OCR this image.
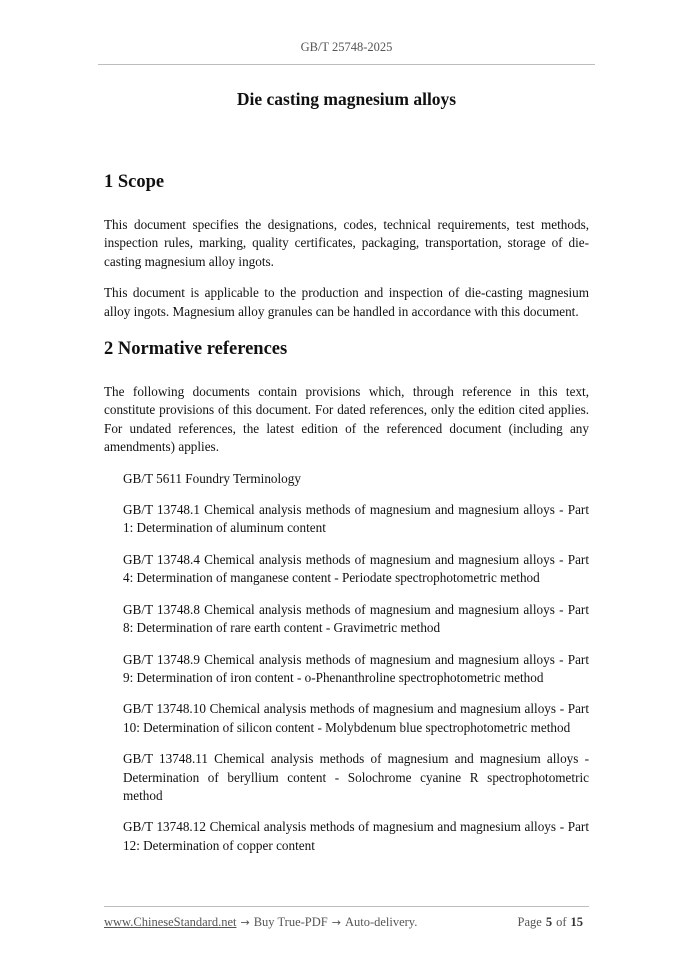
GB/T 25748-2025
Die casting magnesium alloys
1 Scope

This document specifies the designations, codes, technical requirements, test methods, inspection rules, marking, quality certificates, packaging, transportation, storage of die-casting magnesium alloy ingots.

This document is applicable to the production and inspection of die-casting magnesium alloy ingots. Magnesium alloy granules can be handled in accordance with this document.

2 Normative references

The following documents contain provisions which, through reference in this text, constitute provisions of this document. For dated references, only the edition cited applies. For undated references, the latest edition of the referenced document (including any amendments) applies.

GB/T 5611 Foundry Terminology

GB/T 13748.1 Chemical analysis methods of magnesium and magnesium alloys - Part 1: Determination of aluminum content

GB/T 13748.4 Chemical analysis methods of magnesium and magnesium alloys - Part 4: Determination of manganese content - Periodate spectrophotometric method

GB/T 13748.8 Chemical analysis methods of magnesium and magnesium alloys - Part 8: Determination of rare earth content - Gravimetric method

GB/T 13748.9 Chemical analysis methods of magnesium and magnesium alloys - Part 9: Determination of iron content - o-Phenanthroline spectrophotometric method

GB/T 13748.10 Chemical analysis methods of magnesium and magnesium alloys - Part 10: Determination of silicon content - Molybdenum blue spectrophotometric method

GB/T 13748.11 Chemical analysis methods of magnesium and magnesium alloys - Determination of beryllium content - Solochrome cyanine R spectrophotometric method

GB/T 13748.12 Chemical analysis methods of magnesium and magnesium alloys - Part 12: Determination of copper content

www.ChineseStandard.net → Buy True-PDF → Auto-delivery.	Page 5 of 15
